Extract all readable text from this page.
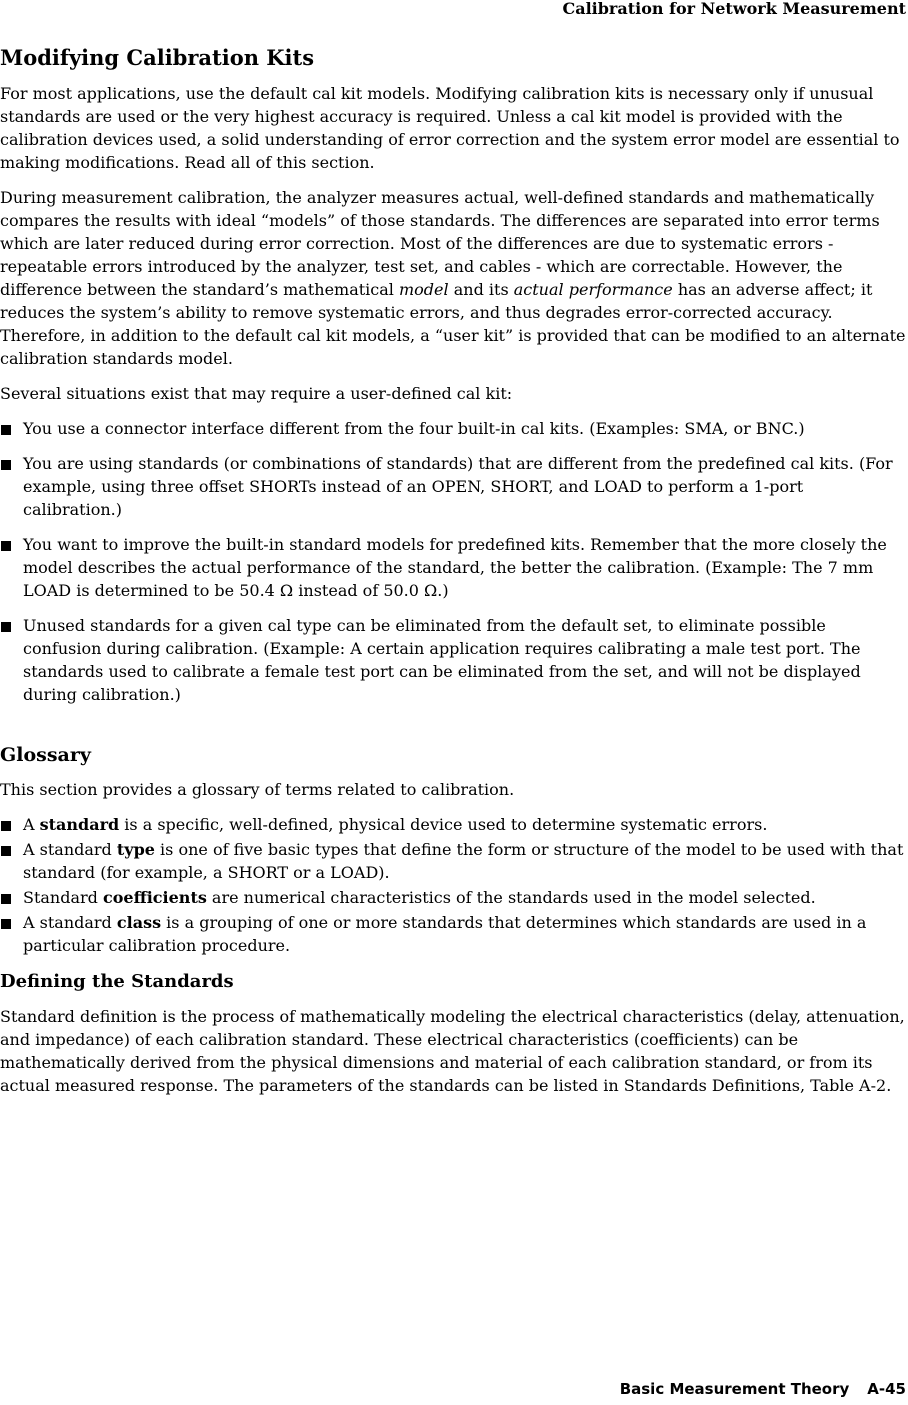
Calibration for Network Measurement
Modifying Calibration Kits

For most applications, use the default cal kit models. Modifying calibration kits is necessary only if unusual standards are used or the very highest accuracy is required. Unless a cal kit model is provided with the calibration devices used, a solid understanding of error correction and the system error model are essential to making modifications. Read all of this section.

During measurement calibration, the analyzer measures actual, well-defined standards and mathematically compares the results with ideal “models” of those standards. The differences are separated into error terms which are later reduced during error correction. Most of the differences are due to systematic errors - repeatable errors introduced by the analyzer, test set, and cables - which are correctable. However, the difference between the standard’s mathematical model and its actual performance has an adverse affect; it reduces the system’s ability to remove systematic errors, and thus degrades error-corrected accuracy. Therefore, in addition to the default cal kit models, a “user kit” is provided that can be modified to an alternate calibration standards model.

Several situations exist that may require a user-defined cal kit:

You use a connector interface different from the four built-in cal kits. (Examples: SMA, or BNC.)
You are using standards (or combinations of standards) that are different from the predefined cal kits. (For example, using three offset SHORTs instead of an OPEN, SHORT, and LOAD to perform a 1-port calibration.)
You want to improve the built-in standard models for predefined kits. Remember that the more closely the model describes the actual performance of the standard, the better the calibration. (Example: The 7 mm LOAD is determined to be 50.4 Ω instead of 50.0 Ω.)
Unused standards for a given cal type can be eliminated from the default set, to eliminate possible confusion during calibration. (Example: A certain application requires calibrating a male test port. The standards used to calibrate a female test port can be eliminated from the set, and will not be displayed during calibration.)
Glossary

This section provides a glossary of terms related to calibration.

A standard is a specific, well-defined, physical device used to determine systematic errors.
A standard type is one of five basic types that define the form or structure of the model to be used with that standard (for example, a SHORT or a LOAD).
Standard coefficients are numerical characteristics of the standards used in the model selected.
A standard class is a grouping of one or more standards that determines which standards are used in a particular calibration procedure.
Defining the Standards

Standard definition is the process of mathematically modeling the electrical characteristics (delay, attenuation, and impedance) of each calibration standard. These electrical characteristics (coefficients) can be mathematically derived from the physical dimensions and material of each calibration standard, or from its actual measured response. The parameters of the standards can be listed in Standards Definitions, Table A-2.

Basic Measurement Theory A-45
